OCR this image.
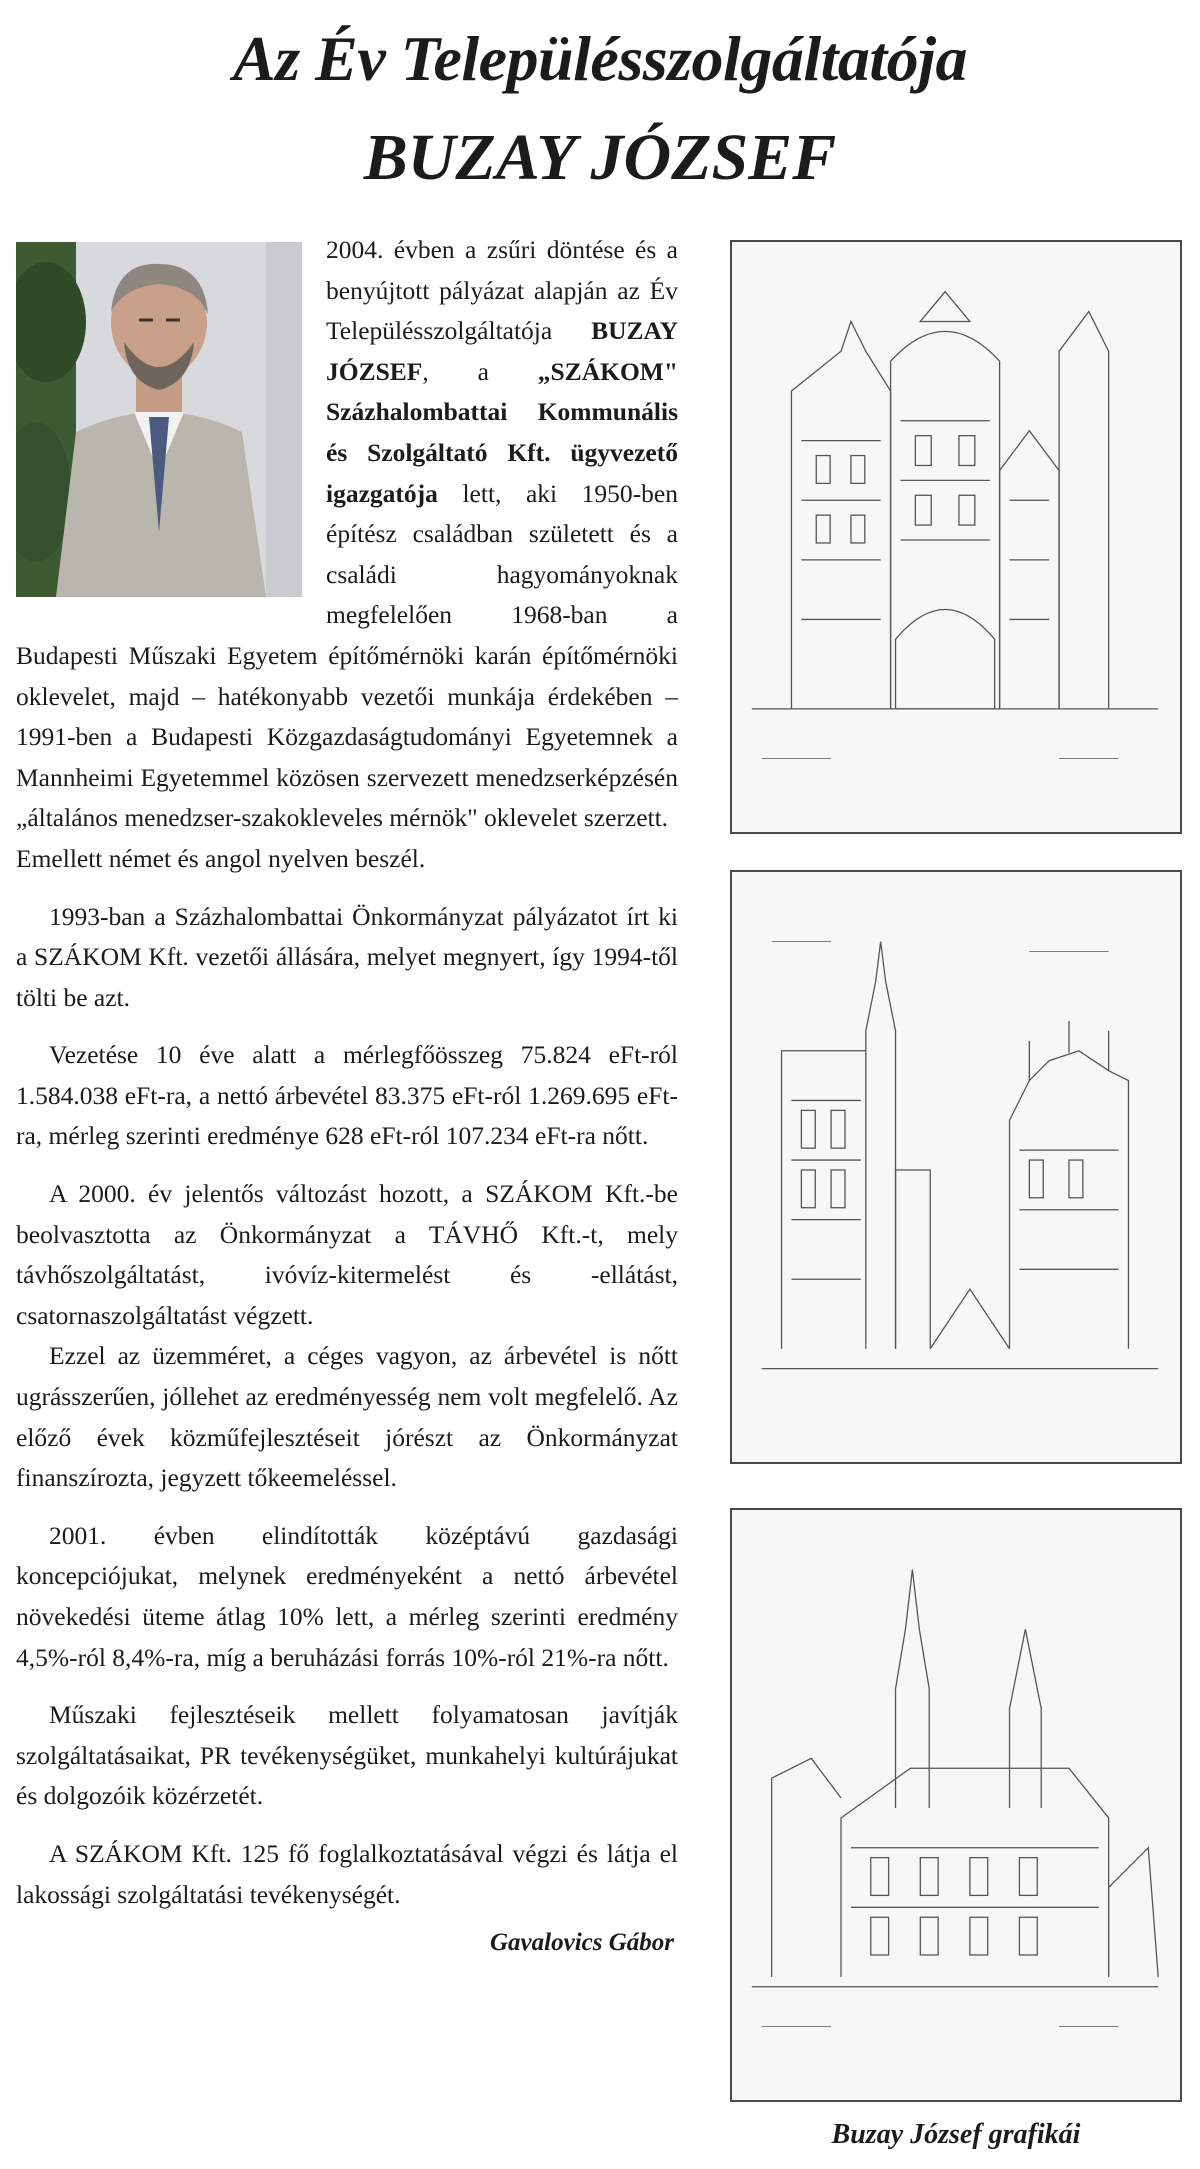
Az Év Településszolgáltatója
BUZAY JÓZSEF

2004. évben a zsűri döntése és a benyújtott pályázat alapján az Év Településszolgáltatója BUZAY JÓZSEF, a „SZÁKOM" Százhalombattai Kommunális és Szolgáltató Kft. ügyvezető igazgatója lett, aki 1950-ben építész családban született és a családi hagyományoknak megfelelően 1968-ban a Budapesti Műszaki Egyetem építőmérnöki karán építőmérnöki oklevelet, majd – hatékonyabb vezetői munkája érdekében – 1991-ben a Budapesti Közgazdaságtudományi Egyetemnek a Mannheimi Egyetemmel közösen szervezett menedzserképzésén „általános menedzser-szakokleveles mérnök" oklevelet szerzett.

Emellett német és angol nyelven beszél.

1993-ban a Százhalombattai Önkormányzat pályázatot írt ki a SZÁKOM Kft. vezetői állására, melyet megnyert, így 1994-től tölti be azt.

Vezetése 10 éve alatt a mérlegfőösszeg 75.824 eFt-ról 1.584.038 eFt-ra, a nettó árbevétel 83.375 eFt-ról 1.269.695 eFt-ra, mérleg szerinti eredménye 628 eFt-ról 107.234 eFt-ra nőtt.

A 2000. év jelentős változást hozott, a SZÁKOM Kft.-be beolvasztotta az Önkormányzat a TÁVHŐ Kft.-t, mely távhőszolgáltatást, ivóvíz-kitermelést és -ellátást, csatornaszolgáltatást végzett.

Ezzel az üzemméret, a céges vagyon, az árbevétel is nőtt ugrásszerűen, jóllehet az eredményesség nem volt megfelelő. Az előző évek közműfejlesztéseit jórészt az Önkormányzat finanszírozta, jegyzett tőkeemeléssel.

2001. évben elindították középtávú gazdasági koncepciójukat, melynek eredményeként a nettó árbevétel növekedési üteme átlag 10% lett, a mérleg szerinti eredmény 4,5%-ról 8,4%-ra, míg a beruházási forrás 10%-ról 21%-ra nőtt.

Műszaki fejlesztéseik mellett folyamatosan javítják szolgáltatásaikat, PR tevékenységüket, munkahelyi kultúrájukat és dolgozóik közérzetét.

A SZÁKOM Kft. 125 fő foglalkoztatásával végzi és látja el lakossági szolgáltatási tevékenységét.

Gavalovics Gábor
Buzay József grafikái
